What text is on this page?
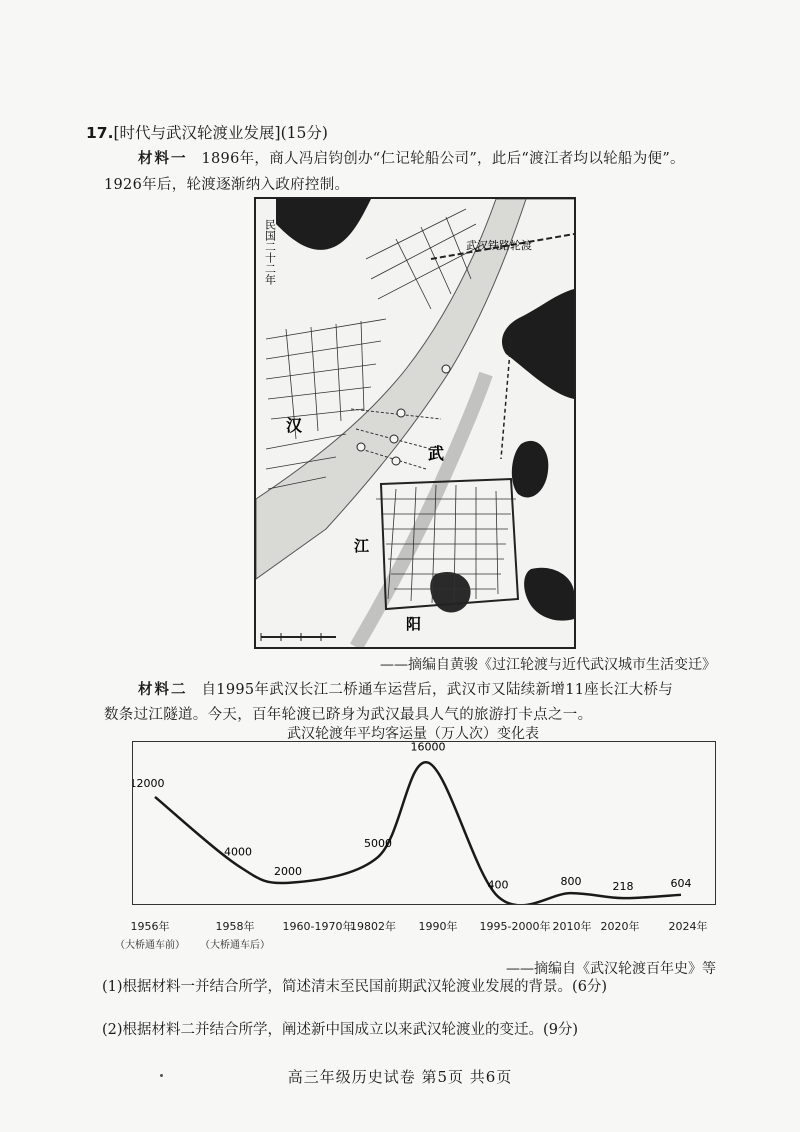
17.[时代与武汉轮渡业发展](15分)
材料一 1896年，商人冯启钧创办“仁记轮船公司”，此后“渡江者均以轮船为便”。
1926年后，轮渡逐渐纳入政府控制。
民国二十二年	武汉铁路轮渡
汉
武
江
阳
——摘编自黄骏《过江轮渡与近代武汉城市生活变迁》
材料二 自1995年武汉长江二桥通车运营后，武汉市又陆续新增11座长江大桥与
数条过江隧道。今天，百年轮渡已跻身为武汉最具人气的旅游打卡点之一。
武汉轮渡年平均客运量（万人次）变化表
12000
4000
2000
5000
16000
400	800	218	604
1956年	1958年	1960-1970年
19802年 1990年 1995-2000年 2010年 2020年	2024年
（大桥通车前） （大桥通车后）
——摘编自《武汉轮渡百年史》等
(1)根据材料一并结合所学，简述清末至民国前期武汉轮渡业发展的背景。(6分)
(2)根据材料二并结合所学，阐述新中国成立以来武汉轮渡业的变迁。(9分)
高三年级历史试卷 第5页 共6页
